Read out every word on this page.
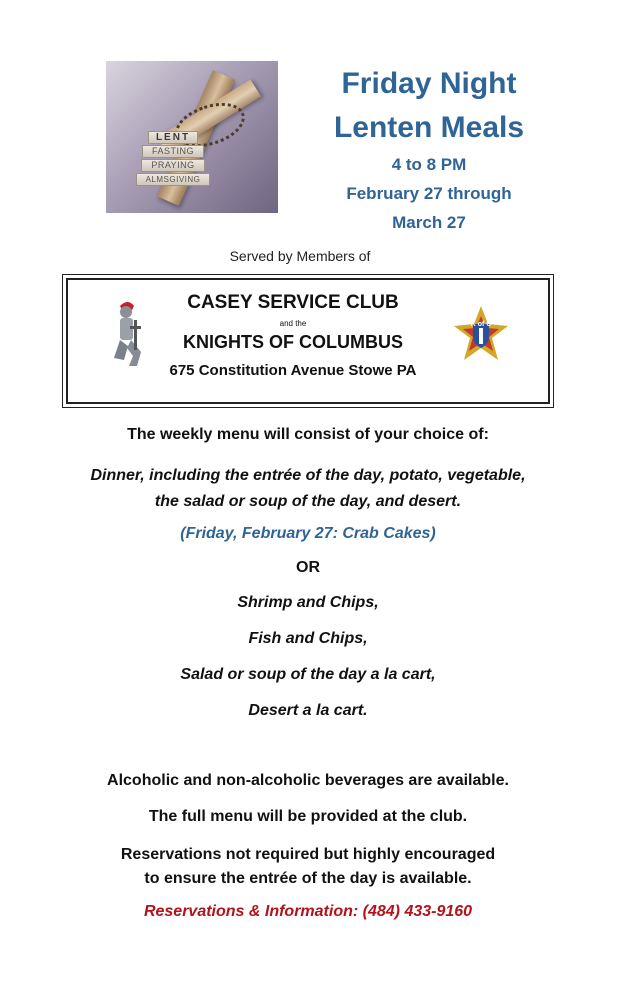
LENT
FASTING
PRAYING
ALMSGIVING
Friday Night
Lenten Meals
4 to 8 PM
February 27 through
March 27
Served by Members of
CASEY SERVICE CLUB
and the
KNIGHTS OF COLUMBUS
675 Constitution Avenue Stowe PA
K of C
The weekly menu will consist of your choice of:
Dinner, including the entrée of the day, potato, vegetable,
the salad or soup of the day, and desert.
(Friday, February 27: Crab Cakes)
OR
Shrimp and Chips,
Fish and Chips,
Salad or soup of the day a la cart,
Desert a la cart.
Alcoholic and non-alcoholic beverages are available.
The full menu will be provided at the club.
Reservations not required but highly encouraged
to ensure the entrée of the day is available.
Reservations & Information: (484) 433-9160
